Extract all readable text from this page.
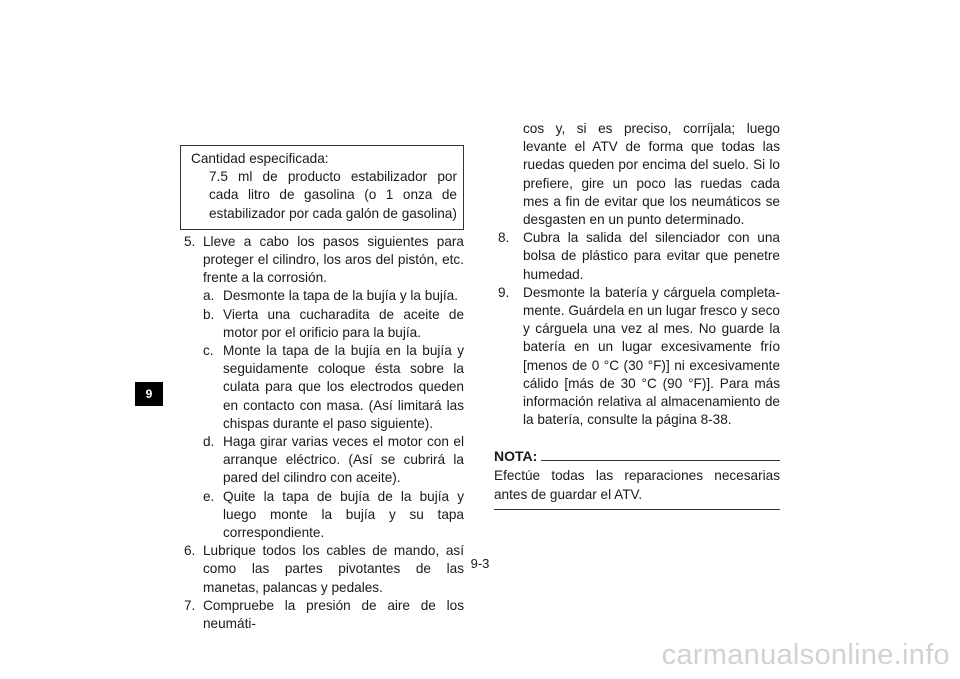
9

Cantidad especificada:

7.5 ml de producto estabilizador por cada litro de gasolina (o 1 onza de estabilizador por cada galón de gasolina)

5. Lleve a cabo los pasos siguientes para proteger el cilindro, los aros del pistón, etc. frente a la corrosión.

a. Desmonte la tapa de la bujía y la bujía.

b. Vierta una cucharadita de aceite de motor por el orificio para la bujía.

c. Monte la tapa de la bujía en la bujía y seguidamente coloque ésta sobre la culata para que los electrodos queden en contacto con masa. (Así limitará las chispas durante el paso siguiente).

d. Haga girar varias veces el motor con el arranque eléctrico. (Así se cubrirá la pared del cilindro con aceite).

e. Quite la tapa de bujía de la bujía y luego monte la bujía y su tapa correspondiente.

6. Lubrique todos los cables de mando, así como las partes pivotantes de las manetas, palancas y pedales.

7. Compruebe la presión de aire de los neumáti-

cos y, si es preciso, corríjala; luego levante el ATV de forma que todas las ruedas queden por encima del suelo. Si lo prefiere, gire un poco las ruedas cada mes a fin de evitar que los neumáticos se desgasten en un punto determinado.

8. Cubra la salida del silenciador con una bolsa de plástico para evitar que penetre humedad.

9. Desmonte la batería y cárguela completamente. Guárdela en un lugar fresco y seco y cárguela una vez al mes. No guarde la batería en un lugar excesivamente frío [menos de 0 °C (30 °F)] ni excesivamente cálido [más de 30 °C (90 °F)]. Para más información relativa al almacenamiento de la batería, consulte la página 8-38.

NOTA:

Efectúe todas las reparaciones necesarias antes de guardar el ATV.

9-3
carmanualsonline.info
